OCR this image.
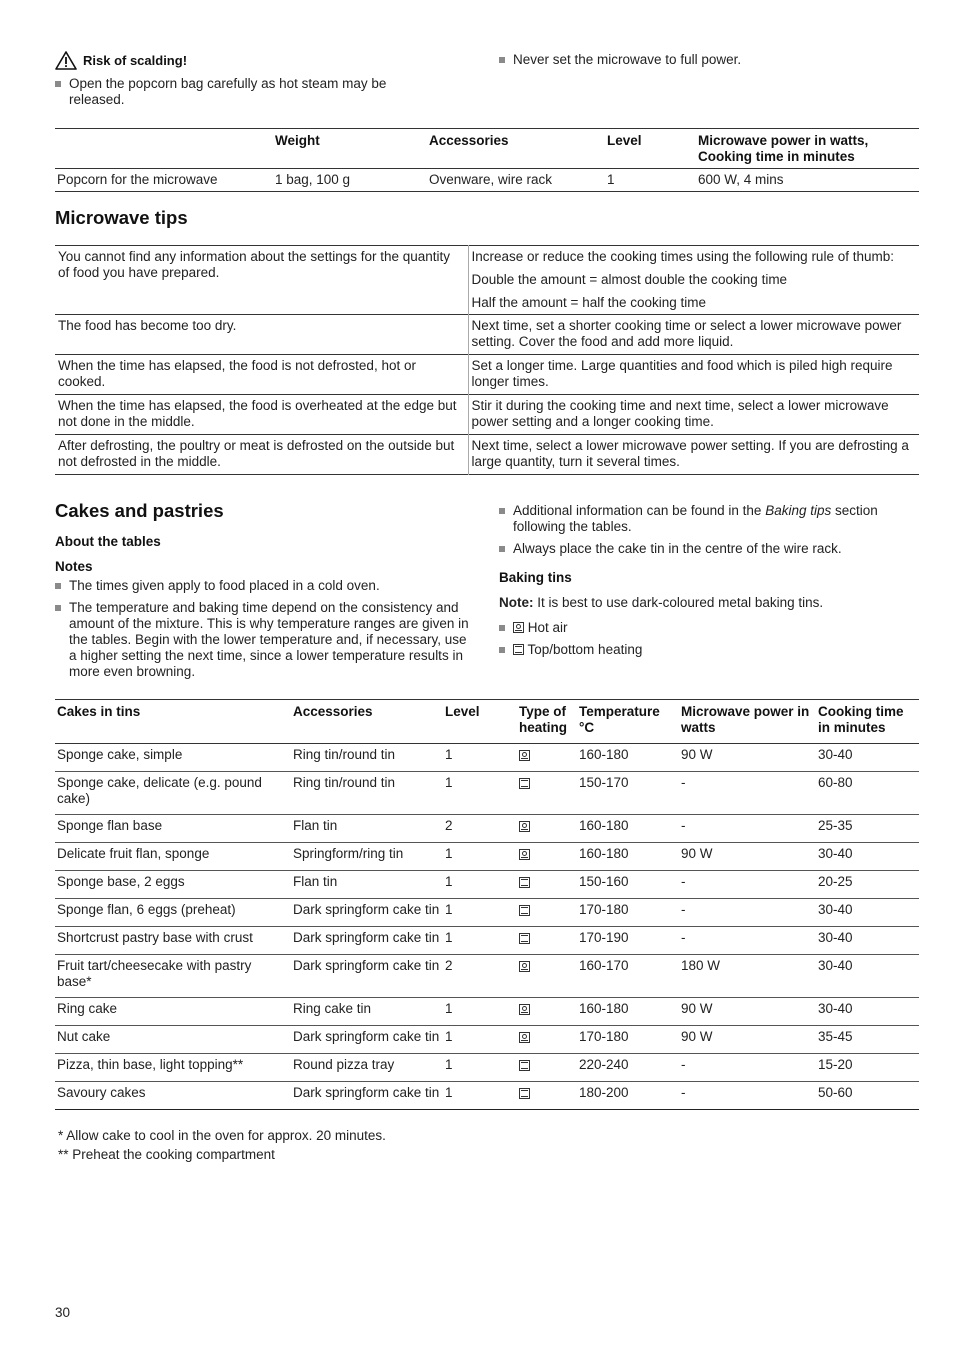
Risk of scalding!
Open the popcorn bag carefully as hot steam may be released.
Never set the microwave to full power.
	Weight	Accessories	Level	Microwave power in watts, Cooking time in minutes
Popcorn for the microwave	1 bag, 100 g	Ovenware, wire rack	1	600 W, 4 mins
Microwave tips
You cannot find any information about the settings for the quantity of food you have prepared.	Increase or reduce the cooking times using the following rule of thumb:

Double the amount = almost double the cooking time

Half the amount = half the cooking time

The food has become too dry.	Next time, set a shorter cooking time or select a lower microwave power setting. Cover the food and add more liquid.
When the time has elapsed, the food is not defrosted, hot or cooked.	Set a longer time. Large quantities and food which is piled high require longer times.
When the time has elapsed, the food is overheated at the edge but not done in the middle.	Stir it during the cooking time and next time, select a lower microwave power setting and a longer cooking time.
After defrosting, the poultry or meat is defrosted on the outside but not defrosted in the middle.	Next time, select a lower microwave power setting. If you are defrosting a large quantity, turn it several times.
Cakes and pastries
About the tables
Notes
The times given apply to food placed in a cold oven.
The temperature and baking time depend on the consistency and amount of the mixture. This is why temperature ranges are given in the tables. Begin with the lower temperature and, if necessary, use a higher setting the next time, since a lower temperature results in more even browning.
Additional information can be found in the Baking tips section following the tables.
Always place the cake tin in the centre of the wire rack.
Baking tins
Note: It is best to use dark-coloured metal baking tins.
Hot air
Top/bottom heating
Cakes in tins	Accessories	Level	Type of heating	Temperature °C	Microwave power in watts	Cooking time in minutes
Sponge cake, simple	Ring tin/round tin	1		160-180	90 W	30-40
Sponge cake, delicate (e.g. pound cake)	Ring tin/round tin	1		150-170	-	60-80
Sponge flan base	Flan tin	2		160-180	-	25-35
Delicate fruit flan, sponge	Springform/ring tin	1		160-180	90 W	30-40
Sponge base, 2 eggs	Flan tin	1		150-160	-	20-25
Sponge flan, 6 eggs (preheat)	Dark springform cake tin	1		170-180	-	30-40
Shortcrust pastry base with crust	Dark springform cake tin	1		170-190	-	30-40
Fruit tart/cheesecake with pastry base*	Dark springform cake tin	2		160-170	180 W	30-40
Ring cake	Ring cake tin	1		160-180	90 W	30-40
Nut cake	Dark springform cake tin	1		170-180	90 W	35-45
Pizza, thin base, light topping**	Round pizza tray	1		220-240	-	15-20
Savoury cakes	Dark springform cake tin	1		180-200	-	50-60
* Allow cake to cool in the oven for approx. 20 minutes.
** Preheat the cooking compartment
30
